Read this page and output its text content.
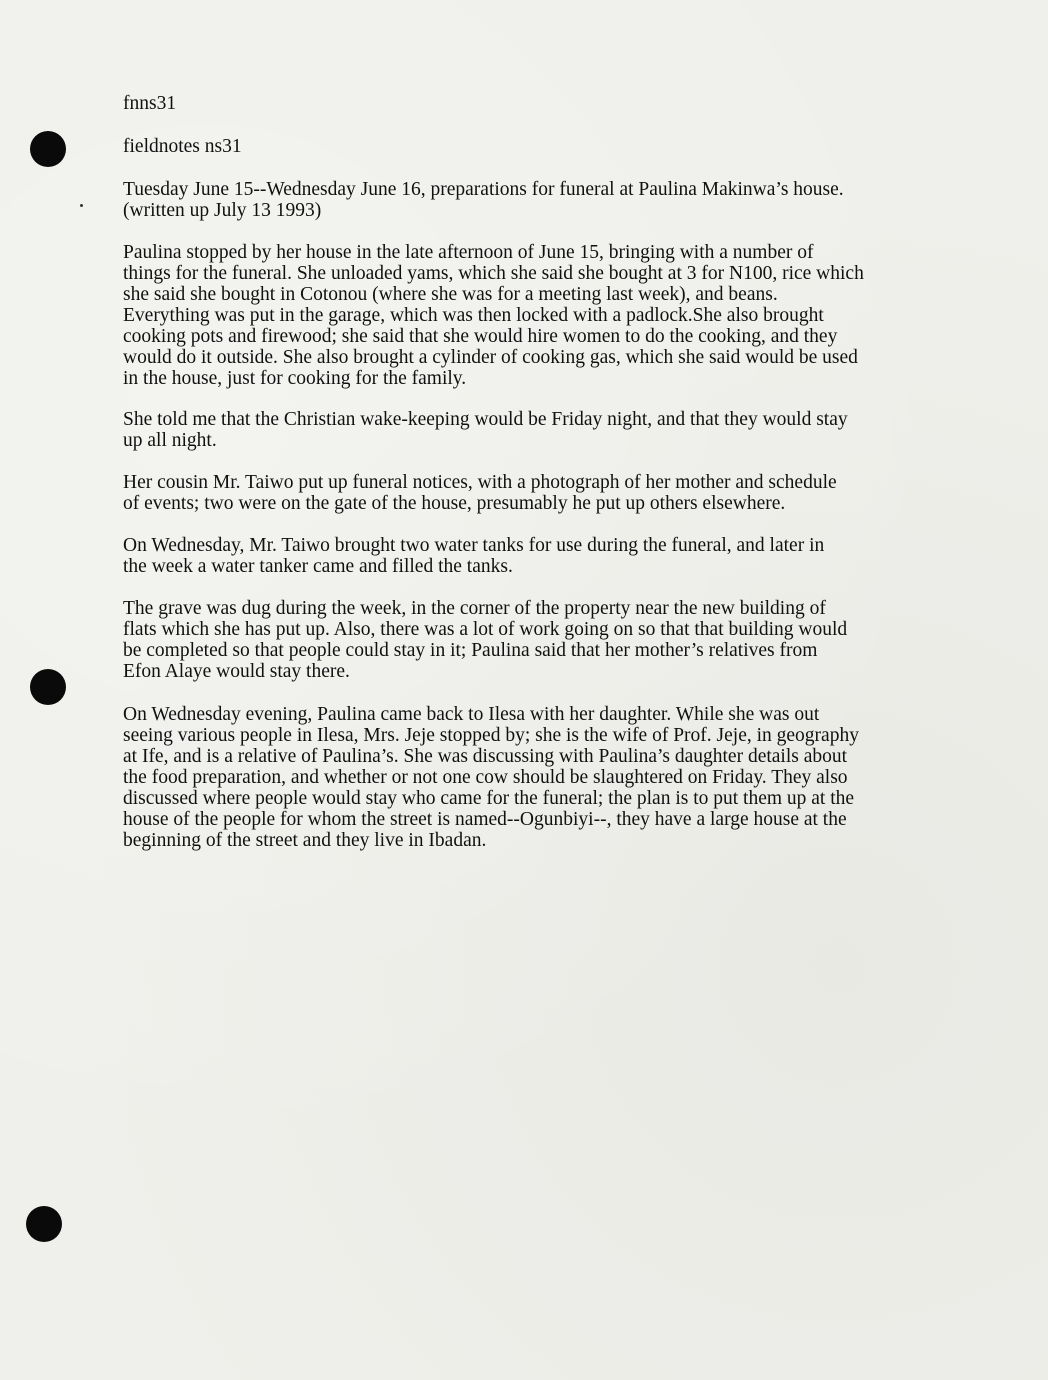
fnns31
fieldnotes ns31
Tuesday June 15--Wednesday June 16, preparations for funeral at Paulina Makinwa’s house.
(written up July 13 1993)
Paulina stopped by her house in the late afternoon of June 15, bringing with a number of
things for the funeral. She unloaded yams, which she said she bought at 3 for N100, rice which
she said she bought in Cotonou (where she was for a meeting last week), and beans.
Everything was put in the garage, which was then locked with a padlock.She also brought
cooking pots and firewood; she said that she would hire women to do the cooking, and they
would do it outside. She also brought a cylinder of cooking gas, which she said would be used
in the house, just for cooking for the family.
She told me that the Christian wake-keeping would be Friday night, and that they would stay
up all night.
Her cousin Mr. Taiwo put up funeral notices, with a photograph of her mother and schedule
of events; two were on the gate of the house, presumably he put up others elsewhere.
On Wednesday, Mr. Taiwo brought two water tanks for use during the funeral, and later in
the week a water tanker came and filled the tanks.
The grave was dug during the week, in the corner of the property near the new building of
flats which she has put up. Also, there was a lot of work going on so that that building would
be completed so that people could stay in it; Paulina said that her mother’s relatives from
Efon Alaye would stay there.
On Wednesday evening, Paulina came back to Ilesa with her daughter. While she was out
seeing various people in Ilesa, Mrs. Jeje stopped by; she is the wife of Prof. Jeje, in geography
at Ife, and is a relative of Paulina’s. She was discussing with Paulina’s daughter details about
the food preparation, and whether or not one cow should be slaughtered on Friday. They also
discussed where people would stay who came for the funeral; the plan is to put them up at the
house of the people for whom the street is named--Ogunbiyi--, they have a large house at the
beginning of the street and they live in Ibadan.
